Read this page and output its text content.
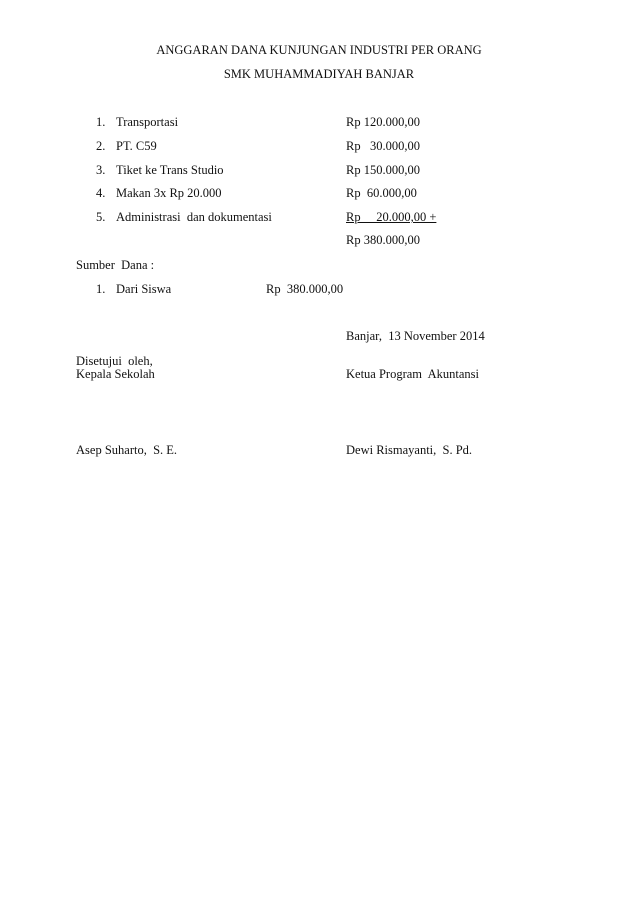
ANGGARAN DANA KUNJUNGAN INDUSTRI PER ORANG
SMK MUHAMMADIYAH BANJAR
1. Transportasi	Rp 120.000,00
2. PT. C59	Rp   30.000,00
3. Tiket ke Trans Studio	Rp 150.000,00
4. Makan 3x Rp 20.000	Rp  60.000,00
5. Administrasi  dan dokumentasi	Rp     20.000,00 +
Rp 380.000,00
Sumber  Dana :
1. Dari Siswa	Rp  380.000,00
Banjar,  13 November 2014
Disetujui  oleh,
Kepala Sekolah	Ketua Program  Akuntansi
Asep Suharto,  S. E.	Dewi Rismayanti,  S. Pd.
